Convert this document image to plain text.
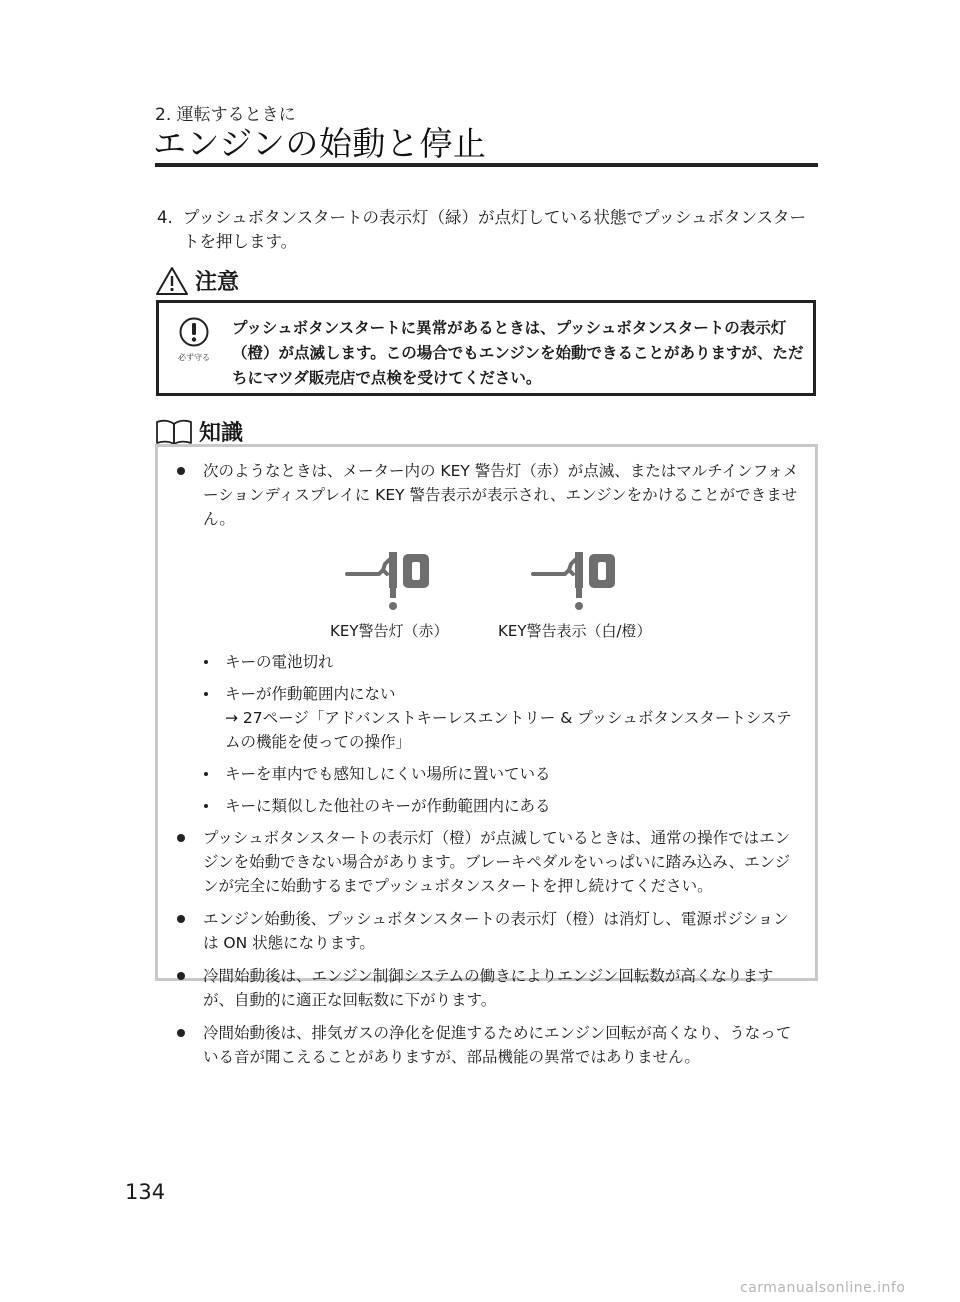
2. 運転するときに
エンジンの始動と停止
4. プッシュボタンスタートの表示灯（緑）が点灯している状態でプッシュボタンスタートを押します。
注意
必ず守る
プッシュボタンスタートに異常があるときは、プッシュボタンスタートの表示灯（橙）が点滅します。この場合でもエンジンを始動できることがありますが、ただちにマツダ販売店で点検を受けてください。
知識
次のようなときは、メーター内の KEY 警告灯（赤）が点滅、またはマルチインフォメーションディスプレイに KEY 警告表示が表示され、エンジンをかけることができません。
KEY警告灯（赤）	KEY警告表示（白/橙）
キーの電池切れ
キーが作動範囲内にない
→ 27ページ「アドバンストキーレスエントリー & プッシュボタンスタートシステムの機能を使っての操作」
キーを車内でも感知しにくい場所に置いている
キーに類似した他社のキーが作動範囲内にある
プッシュボタンスタートの表示灯（橙）が点滅しているときは、通常の操作ではエンジンを始動できない場合があります。ブレーキペダルをいっぱいに踏み込み、エンジンが完全に始動するまでプッシュボタンスタートを押し続けてください。
エンジン始動後、プッシュボタンスタートの表示灯（橙）は消灯し、電源ポジションは ON 状態になります。
冷間始動後は、エンジン制御システムの働きによりエンジン回転数が高くなりますが、自動的に適正な回転数に下がります。
冷間始動後は、排気ガスの浄化を促進するためにエンジン回転が高くなり、うなっている音が聞こえることがありますが、部品機能の異常ではありません。
134
carmanualsonline.info
